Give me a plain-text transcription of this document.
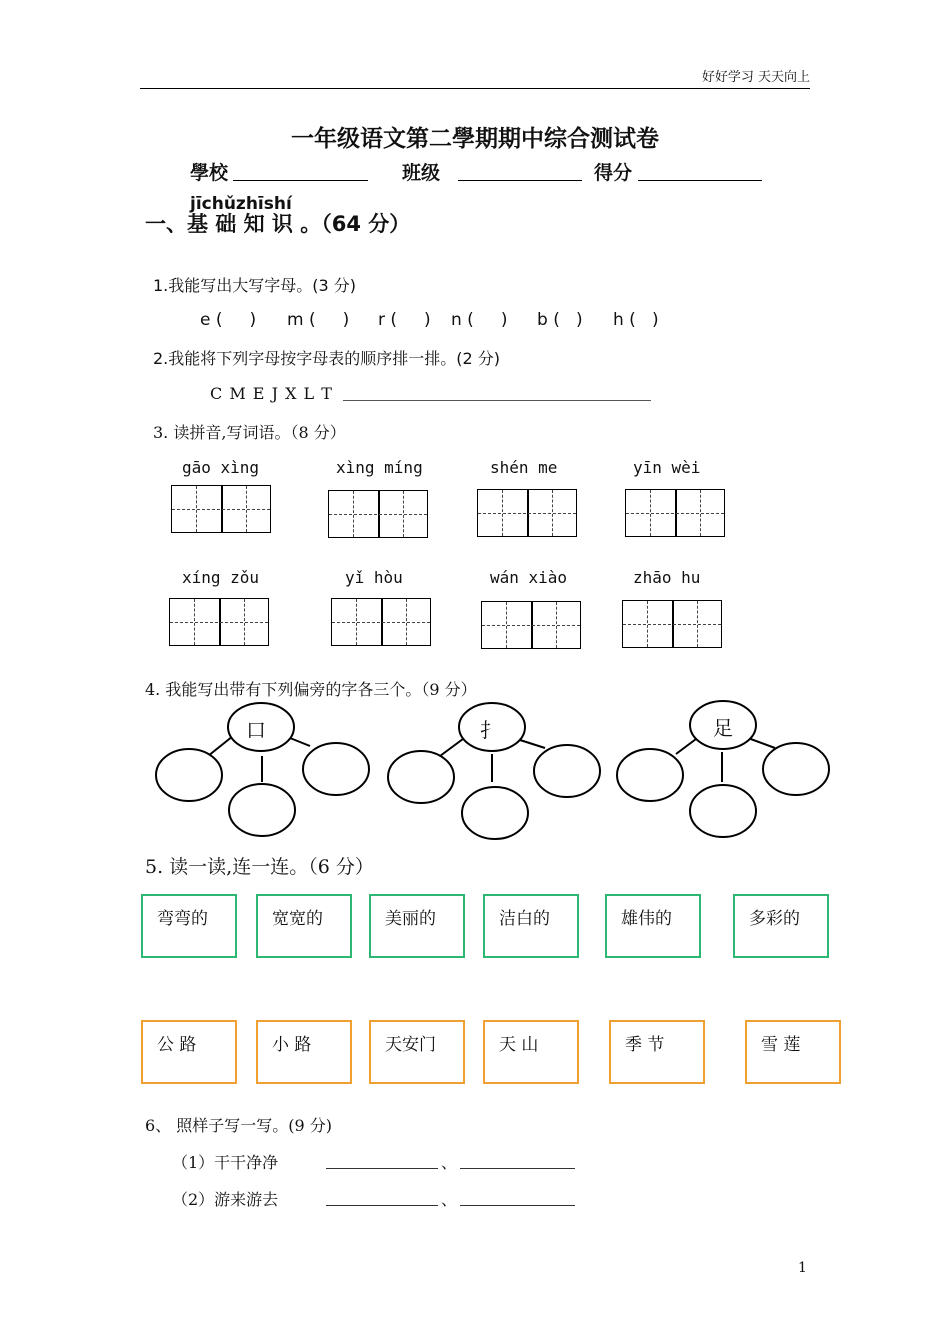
好好学习 天天向上
一年级语文第二學期期中综合测试卷
學校	班级	得分
jīchǔzhīshí
一、基 础 知 识 。（64 分）
1.我能写出大写字母。(3 分)
e (     ) m (     ) r (     ) n (     ) b (   ) h (   )
2.我能将下列字母按字母表的顺序排一排。(2 分)
C M E J X L T
3. 读拼音,写词语。（8 分）
gāo xìng	xìng míng	shén me	yīn wèi
xíng zǒu	yǐ hòu	wán xiào	zhāo hu
4. 我能写出带有下列偏旁的字各三个。（9 分）
口	扌	足
5. 读一读,连一连。（6 分）
弯弯的	宽宽的	美丽的	洁白的	雄伟的	多彩的
公 路	小 路	天安门	天 山	季 节	雪 莲
6、 照样子写一写。(9 分)
（1）干干净净	、
（2）游来游去	、
1
